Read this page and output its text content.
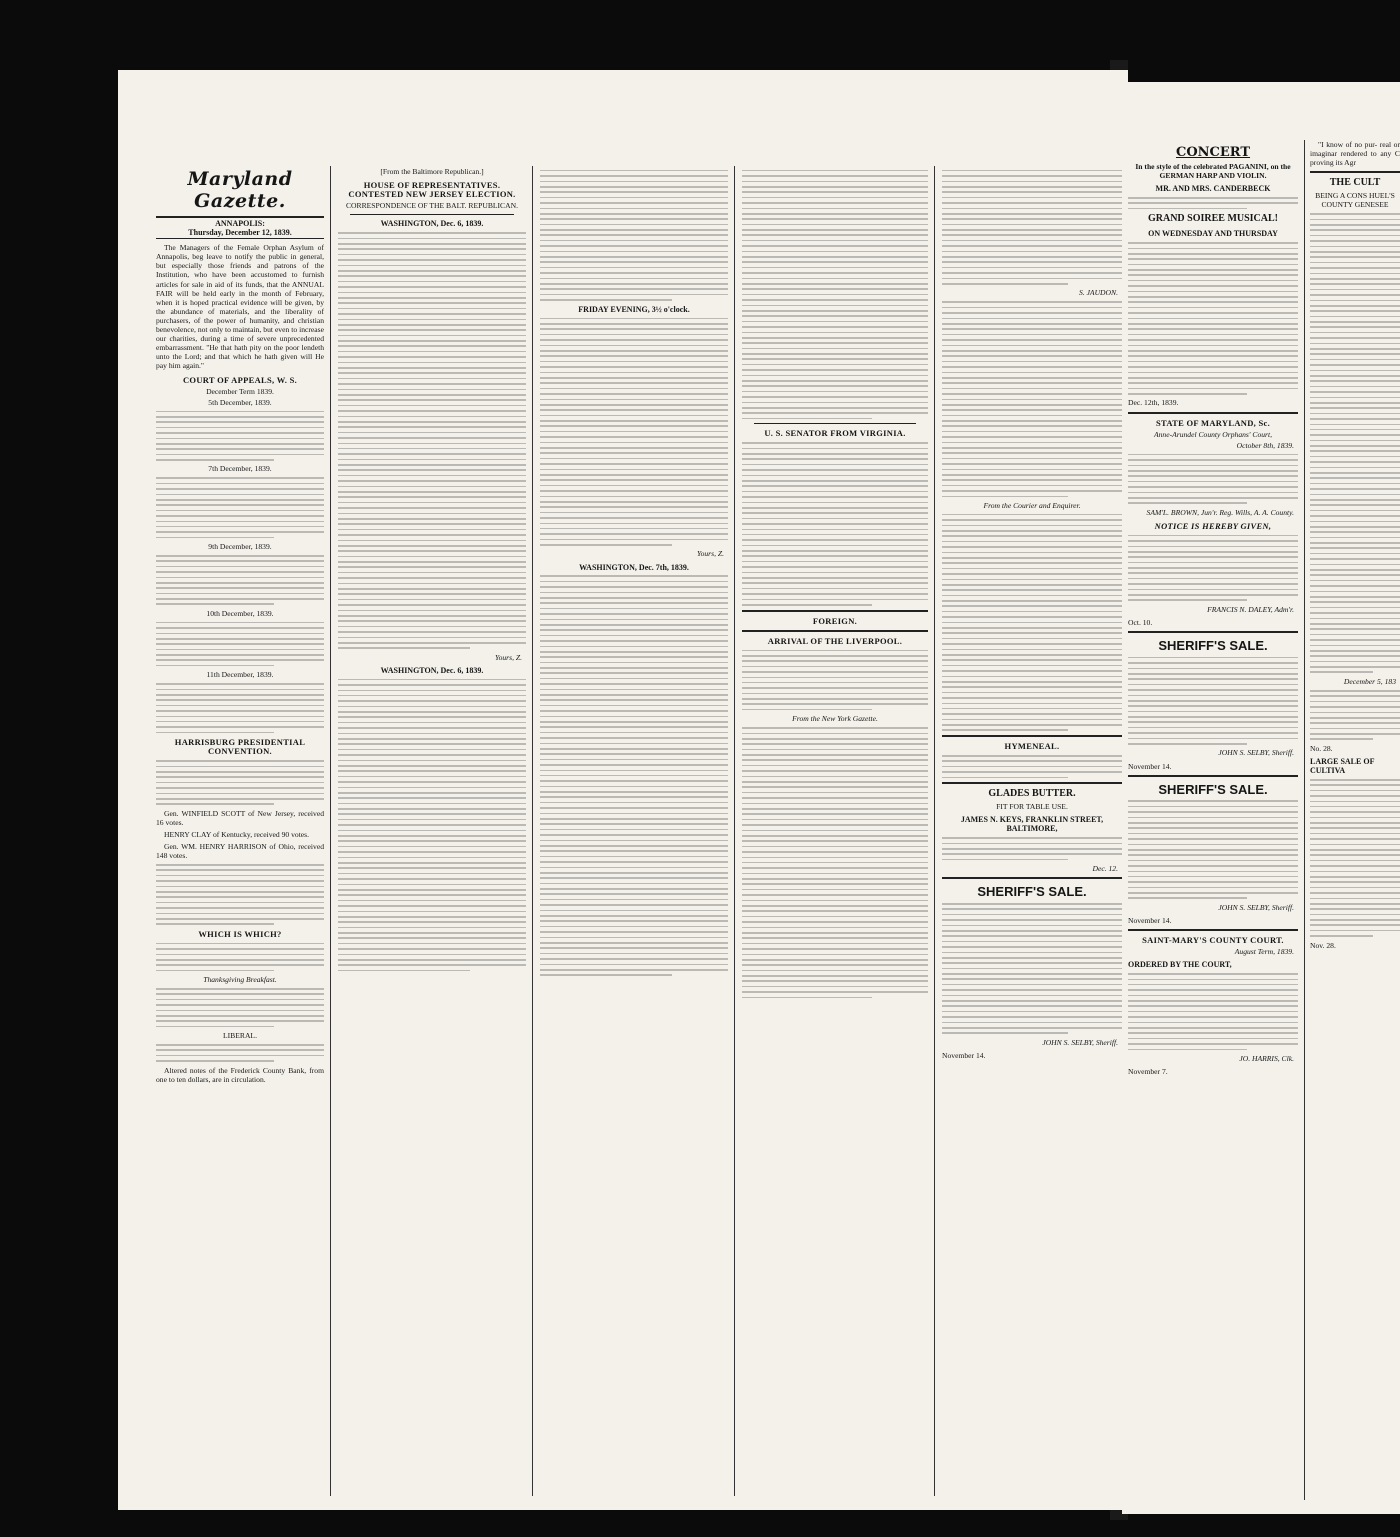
Maryland Gazette.
ANNAPOLIS:
Thursday, December 12, 1839.

The Managers of the Female Orphan Asylum of Annapolis, beg leave to notify the public in general, but especially those friends and patrons of the Institution, who have been accustomed to furnish articles for sale in aid of its funds, that the ANNUAL FAIR will be held early in the month of February, when it is hoped practical evidence will be given, by the abundance of materials, and the liberality of purchasers, of the power of humanity, and christian benevolence, not only to maintain, but even to increase our charities, during a time of severe unprecedented embarrassment. "He that hath pity on the poor lendeth unto the Lord; and that which he hath given will He pay him again."

COURT OF APPEALS, W. S.
December Term 1839.
5th December, 1839.
7th December, 1839.
9th December, 1839.
10th December, 1839.
11th December, 1839.
HARRISBURG PRESIDENTIAL CONVENTION.

Gen. WINFIELD SCOTT of New Jersey, received 16 votes.

HENRY CLAY of Kentucky, received 90 votes.

Gen. WM. HENRY HARRISON of Ohio, received 148 votes.

WHICH IS WHICH?
Thanksgiving Breakfast.
LIBERAL.

Altered notes of the Frederick County Bank, from one to ten dollars, are in circulation.

[From the Baltimore Republican.]
HOUSE OF REPRESENTATIVES. CONTESTED NEW JERSEY ELECTION.
CORRESPONDENCE OF THE BALT. REPUBLICAN.
WASHINGTON, Dec. 6, 1839.
Yours, Z.
WASHINGTON, Dec. 6, 1839.
FRIDAY EVENING, 3½ o'clock.
Yours, Z.
WASHINGTON, Dec. 7th, 1839.
U. S. SENATOR FROM VIRGINIA.
FOREIGN.
ARRIVAL OF THE LIVERPOOL.
From the New York Gazette.
S. JAUDON.
From the Courier and Enquirer.
HYMENEAL.
GLADES BUTTER.
FIT FOR TABLE USE.
JAMES N. KEYS, FRANKLIN STREET, BALTIMORE,
Dec. 12.
SHERIFF'S SALE.
JOHN S. SELBY, Sheriff.
November 14.
CONCERT
In the style of the celebrated PAGANINI, on the GERMAN HARP AND VIOLIN.
MR. AND MRS. CANDERBECK
GRAND SOIREE MUSICAL!
ON WEDNESDAY AND THURSDAY
Dec. 12th, 1839.
STATE OF MARYLAND, Sc.
Anne-Arundel County Orphans' Court,
October 8th, 1839.
SAM'L. BROWN, Jun'r. Reg. Wills, A. A. County.
NOTICE IS HEREBY GIVEN,
FRANCIS N. DALEY, Adm'r.
Oct. 10.
SHERIFF'S SALE.
JOHN S. SELBY, Sheriff.
November 14.
SHERIFF'S SALE.
JOHN S. SELBY, Sheriff.
November 14.
SAINT-MARY'S COUNTY COURT.
August Term, 1839.
ORDERED BY THE COURT,
JO. HARRIS, Clk.
November 7.

"I know of no pur- real or imaginar rendered to any C proving its Agr

THE CULT
BEING A CONS HUEL'S COUNTY GENESEE
December 5, 183
No. 28.
LARGE SALE OF CULTIVA
Nov. 28.
